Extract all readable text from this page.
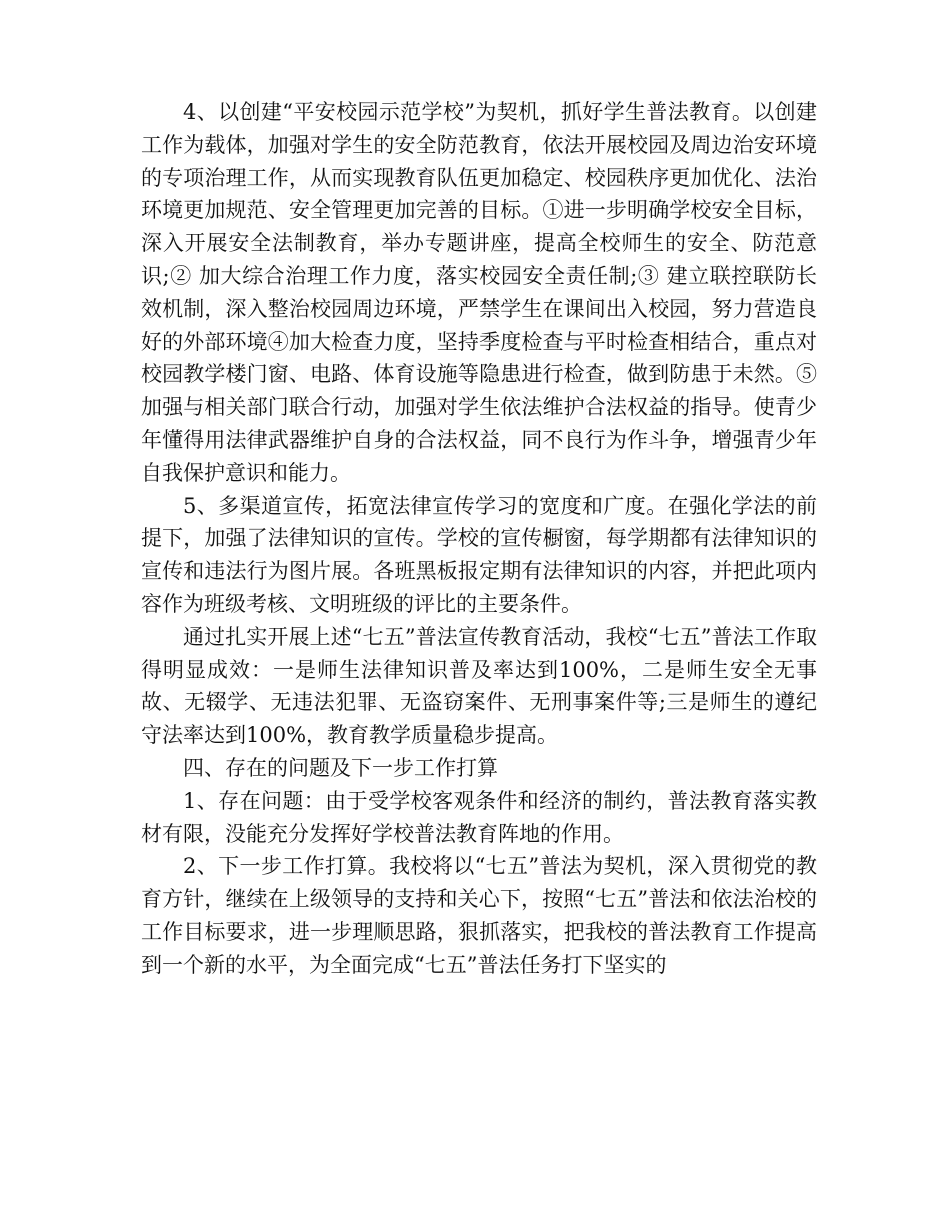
4、以创建“平安校园示范学校”为契机，抓好学生普法教育。以创建工作为载体，加强对学生的安全防范教育，依法开展校园及周边治安环境的专项治理工作，从而实现教育队伍更加稳定、校园秩序更加优化、法治环境更加规范、安全管理更加完善的目标。①进一步明确学校安全目标，深入开展安全法制教育，举办专题讲座，提高全校师生的安全、防范意识;② 加大综合治理工作力度，落实校园安全责任制;③ 建立联控联防长效机制，深入整治校园周边环境，严禁学生在课间出入校园，努力营造良好的外部环境④加大检查力度，坚持季度检查与平时检查相结合，重点对校园教学楼门窗、电路、体育设施等隐患进行检查，做到防患于未然。⑤加强与相关部门联合行动，加强对学生依法维护合法权益的指导。使青少年懂得用法律武器维护自身的合法权益，同不良行为作斗争，增强青少年自我保护意识和能力。

5、多渠道宣传，拓宽法律宣传学习的宽度和广度。在强化学法的前提下，加强了法律知识的宣传。学校的宣传橱窗，每学期都有法律知识的宣传和违法行为图片展。各班黑板报定期有法律知识的内容，并把此项内容作为班级考核、文明班级的评比的主要条件。

通过扎实开展上述“七五”普法宣传教育活动，我校“七五”普法工作取得明显成效：一是师生法律知识普及率达到100%，二是师生安全无事故、无辍学、无违法犯罪、无盗窃案件、无刑事案件等;三是师生的遵纪守法率达到100%，教育教学质量稳步提高。

四、存在的问题及下一步工作打算

1、存在问题：由于受学校客观条件和经济的制约，普法教育落实教材有限，没能充分发挥好学校普法教育阵地的作用。

2、下一步工作打算。我校将以“七五”普法为契机，深入贯彻党的教育方针，继续在上级领导的支持和关心下，按照“七五”普法和依法治校的工作目标要求，进一步理顺思路，狠抓落实，把我校的普法教育工作提高到一个新的水平，为全面完成“七五”普法任务打下坚实的
